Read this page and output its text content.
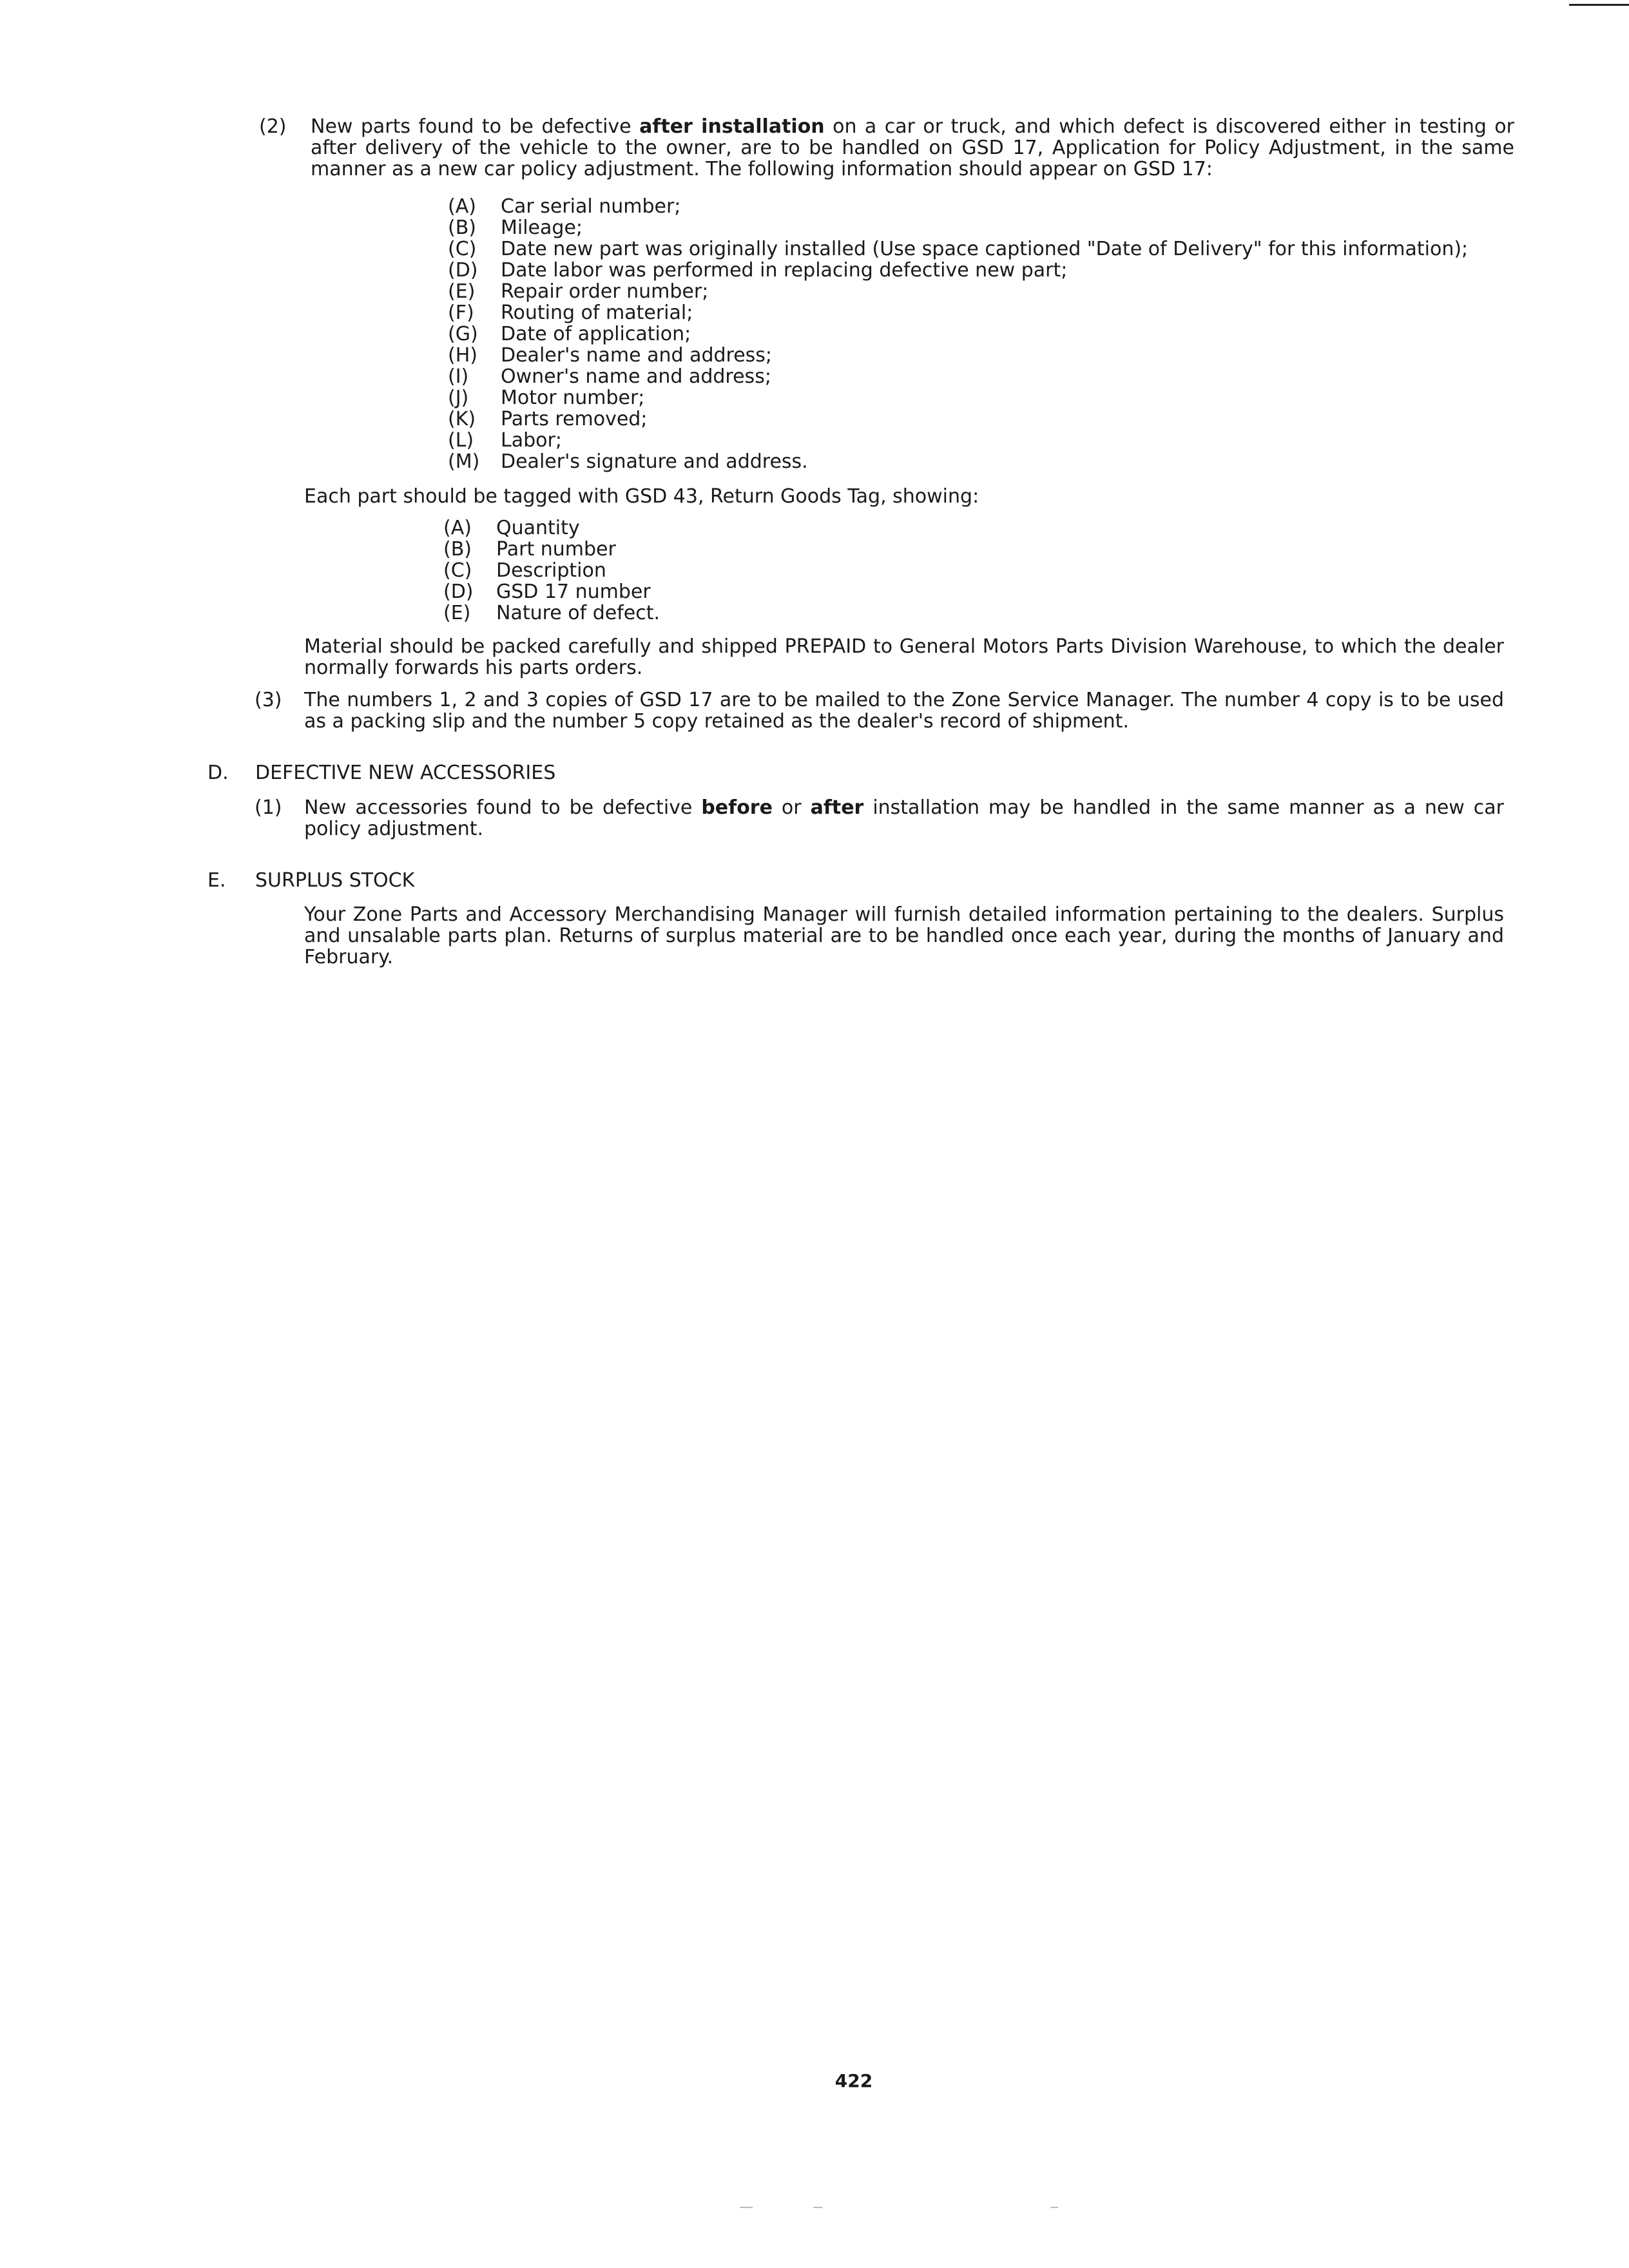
(2) New parts found to be defective after installation on a car or truck, and which defect is discovered either in testing or after delivery of the vehicle to the owner, are to be handled on GSD 17, Application for Policy Adjustment, in the same manner as a new car policy adjustment. The following information should appear on GSD 17:
(A) Car serial number;
(B) Mileage;
(C) Date new part was originally installed (Use space captioned "Date of Delivery" for this information);
(D) Date labor was performed in replacing defective new part;
(E) Repair order number;
(F) Routing of material;
(G) Date of application;
(H) Dealer's name and address;
(I) Owner's name and address;
(J) Motor number;
(K) Parts removed;
(L) Labor;
(M) Dealer's signature and address.
Each part should be tagged with GSD 43, Return Goods Tag, showing:
(A) Quantity
(B) Part number
(C) Description
(D) GSD 17 number
(E) Nature of defect.
Material should be packed carefully and shipped PREPAID to General Motors Parts Division Warehouse, to which the dealer normally forwards his parts orders.
(3) The numbers 1, 2 and 3 copies of GSD 17 are to be mailed to the Zone Service Manager. The number 4 copy is to be used as a packing slip and the number 5 copy retained as the dealer's record of shipment.
D. DEFECTIVE NEW ACCESSORIES
(1) New accessories found to be defective before or after installation may be handled in the same manner as a new car policy adjustment.
E. SURPLUS STOCK
Your Zone Parts and Accessory Merchandising Manager will furnish detailed information pertaining to the dealers. Surplus and unsalable parts plan. Returns of surplus material are to be handled once each year, during the months of January and February.
422
